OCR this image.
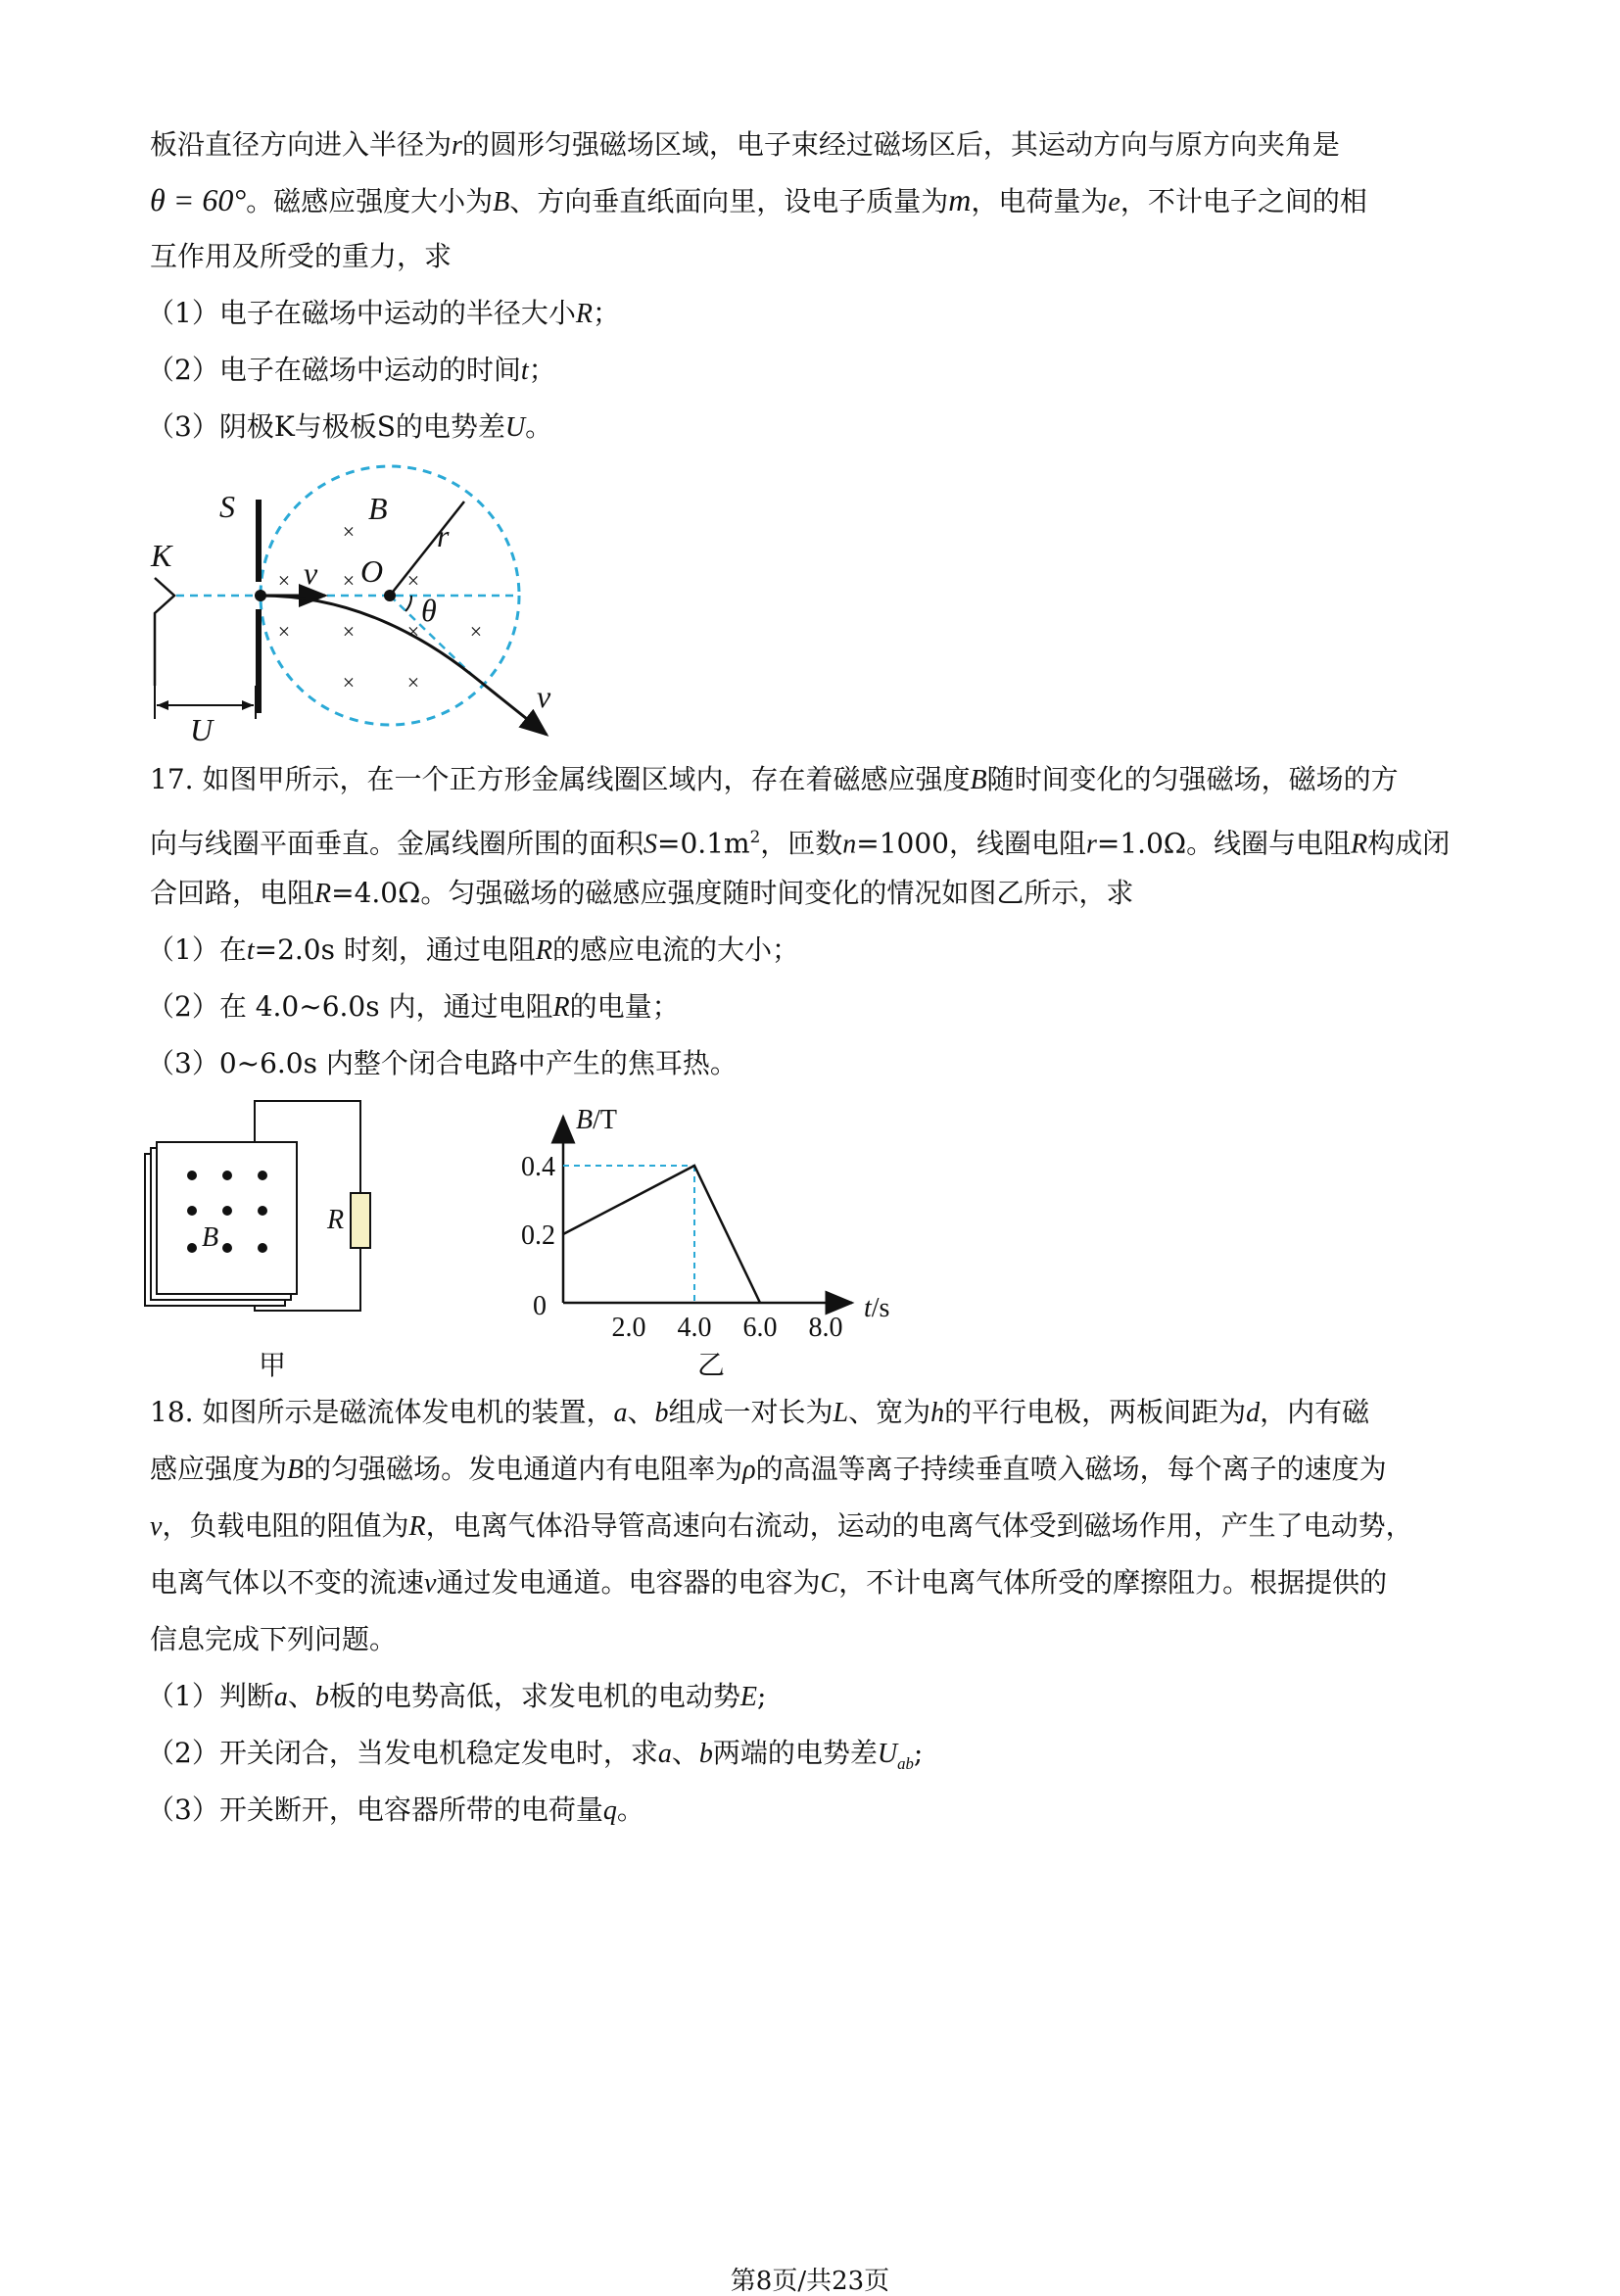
板沿直径方向进入半径为r的圆形匀强磁场区域，电子束经过磁场区后，其运动方向与原方向夹角是
θ = 60°。磁感应强度大小为B、方向垂直纸面向里，设电子质量为m，电荷量为e，不计电子之间的相
互作用及所受的重力，求
（1）电子在磁场中运动的半径大小R；
（2）电子在磁场中运动的时间t；
（3）阴极K与极板S的电势差U。
×
× × ×
× × × ×
× ×
S
K
B
O
r
v
v
θ
U
17. 如图甲所示，在一个正方形金属线圈区域内，存在着磁感应强度B随时间变化的匀强磁场，磁场的方
向与线圈平面垂直。金属线圈所围的面积$S=0.1m^2$，匝数n=1000，线圈电阻r=1.0Ω。线圈与电阻R构成闭
合回路，电阻R=4.0Ω。匀强磁场的磁感应强度随时间变化的情况如图乙所示，求
（1）在t=2.0s 时刻，通过电阻R的感应电流的大小；
（2）在 4.0~6.0s 内，通过电阻R的电量；
（3）0~6.0s 内整个闭合电路中产生的焦耳热。
B
R
甲
2.0 4.0 6.0 8.0
0.2
0.4
0
B/T
t/s
乙
18. 如图所示是磁流体发电机的装置，a、b组成一对长为L、宽为h的平行电极，两板间距为d，内有磁
感应强度为B的匀强磁场。发电通道内有电阻率为ρ的高温等离子持续垂直喷入磁场，每个离子的速度为
v，负载电阻的阻值为R，电离气体沿导管高速向右流动，运动的电离气体受到磁场作用，产生了电动势，
电离气体以不变的流速v通过发电通道。电容器的电容为C，不计电离气体所受的摩擦阻力。根据提供的
信息完成下列问题。
（1）判断a、b板的电势高低，求发电机的电动势E;
（2）开关闭合，当发电机稳定发电时，求a、b两端的电势差$U_{ab}$;
（3）开关断开，电容器所带的电荷量q。
第8页/共23页
